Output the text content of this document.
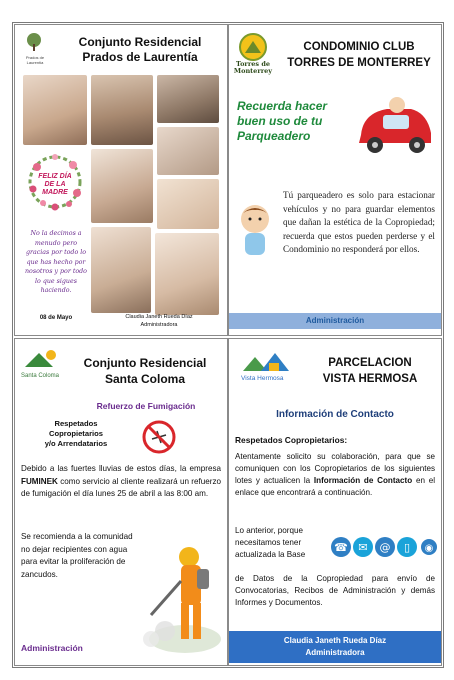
Prados de Laurentia
Conjunto Residencial
Prados de Laurentía
FELIZ DÍA DE LA MADRE
No la decimos a menudo pero gracias por todo lo que has hecho por nosotros y por todo lo que sigues haciendo.
08 de Mayo	Claudia Janeth Rueda Díaz
Administradora
Torres de
Monterrey
CONDOMINIO CLUB
TORRES DE MONTERREY
Recuerda hacer
buen uso de tu
Parqueadero
Tú parqueadero es solo para estacionar vehículos y no para guardar elementos que dañan la estética de la Copropiedad; recuerda que estos pueden perderse y el Condominio no responderá por ellos.
Administración
Santa Coloma
Conjunto Residencial
Santa Coloma
Refuerzo de Fumigación
Respetados
Copropietarios
y/o Arrendatarios
Debido a las fuertes lluvias de estos días, la empresa FUMINEK como servicio al cliente realizará un refuerzo de fumigación el día lunes 25 de abril a las 8:00 am.
Se recomienda a la comunidad no dejar recipientes con agua para evitar la proliferación de zancudos.
Administración
Vista Hermosa
PARCELACION
VISTA HERMOSA
Información de Contacto
Respetados Copropietarios:
Atentamente solicito su colaboración, para que se comuniquen con los Copropietarios de los siguientes lotes y actualicen la Información de Contacto en el enlace que encontrará a continuación.
Lo anterior, porque necesitamos tener actualizada la Base
☎ ✉ @ ▯ ◉
de Datos de la Copropiedad para envío de Convocatorias, Recibos de Administración y demás Informes y Documentos.
Claudia Janeth Rueda Díaz
Administradora
